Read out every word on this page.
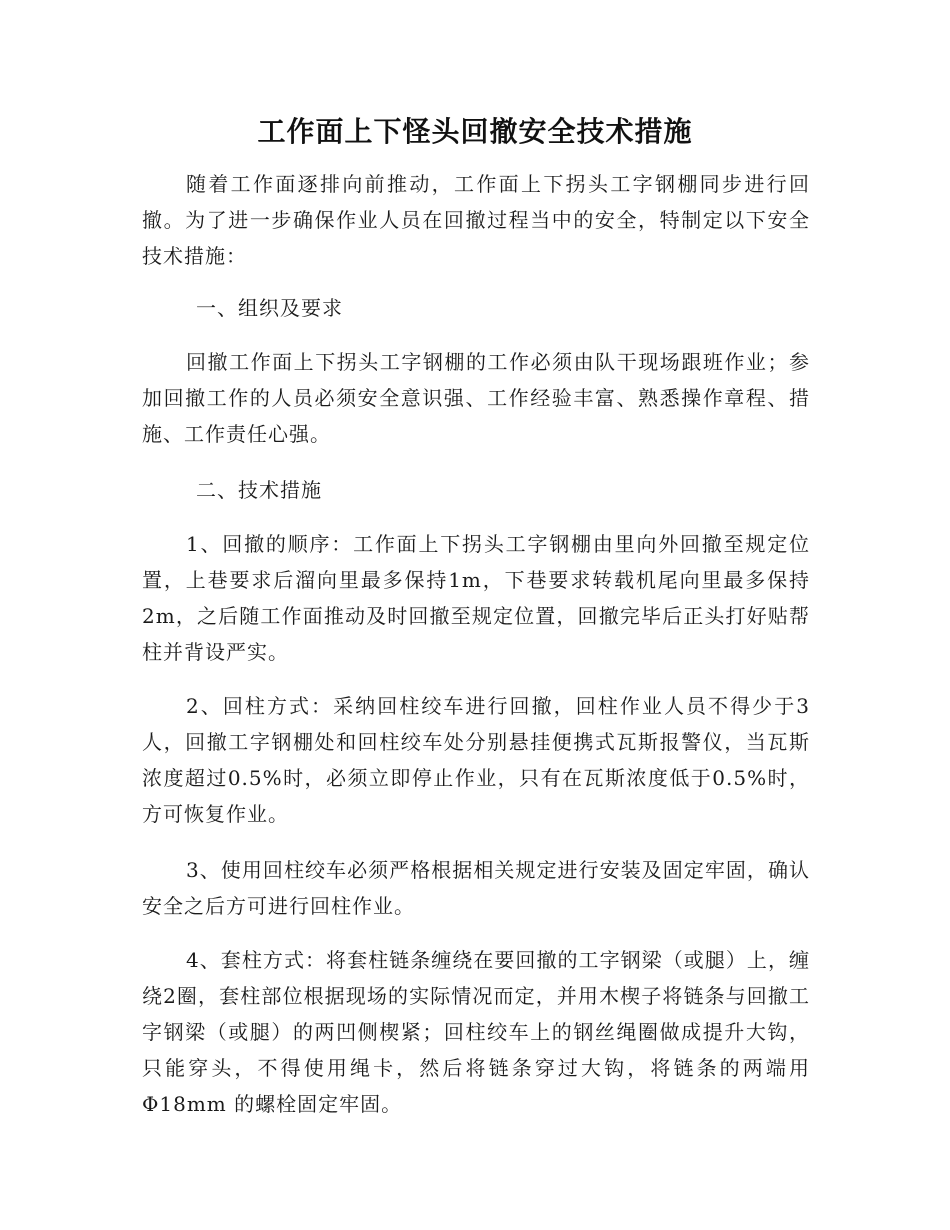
工作面上下怪头回撤安全技术措施

随着工作面逐排向前推动，工作面上下拐头工字钢棚同步进行回撤。为了进一步确保作业人员在回撤过程当中的安全，特制定以下安全技术措施：

一、组织及要求

回撤工作面上下拐头工字钢棚的工作必须由队干现场跟班作业；参加回撤工作的人员必须安全意识强、工作经验丰富、熟悉操作章程、措施、工作责任心强。

二、技术措施

1、回撤的顺序：工作面上下拐头工字钢棚由里向外回撤至规定位置，上巷要求后溜向里最多保持1m，下巷要求转载机尾向里最多保持2m，之后随工作面推动及时回撤至规定位置，回撤完毕后正头打好贴帮柱并背设严实。

2、回柱方式：采纳回柱绞车进行回撤，回柱作业人员不得少于3人，回撤工字钢棚处和回柱绞车处分别悬挂便携式瓦斯报警仪，当瓦斯浓度超过0.5%时，必须立即停止作业，只有在瓦斯浓度低于0.5%时，方可恢复作业。

3、使用回柱绞车必须严格根据相关规定进行安装及固定牢固，确认安全之后方可进行回柱作业。

4、套柱方式：将套柱链条缠绕在要回撤的工字钢梁（或腿）上，缠绕2圈，套柱部位根据现场的实际情况而定，并用木楔子将链条与回撤工字钢梁（或腿）的两凹侧楔紧；回柱绞车上的钢丝绳圈做成提升大钩，只能穿头，不得使用绳卡，然后将链条穿过大钩，将链条的两端用 Φ18mm 的螺栓固定牢固。
